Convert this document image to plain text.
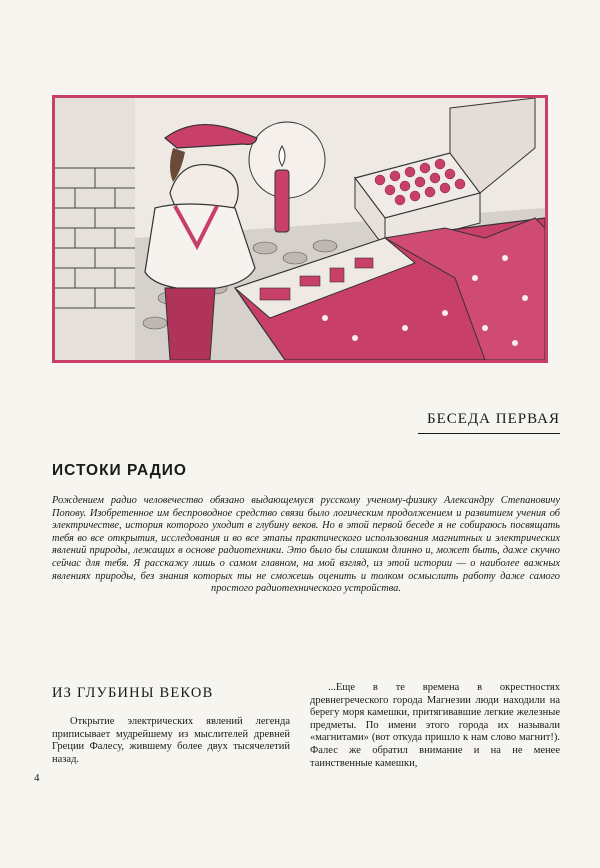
БЕСЕДА ПЕРВАЯ
ИСТОКИ РАДИО
Рождением радио человечество обязано выдающемуся русскому ученому-физику Александру Степановичу Попову. Изобретенное им беспроводное средство связи было логическим продолжением и развитием учения об электричестве, история которого уходит в глубину веков. Но в этой первой беседе я не собираюсь посвящать тебя во все открытия, исследования и во все этапы практического использования магнитных и электрических явлений природы, лежащих в основе радиотехники. Это было бы слишком длинно и, может быть, даже скучно сейчас для тебя. Я расскажу лишь о самом главном, на мой взгляд, из этой истории — о наиболее важных явлениях природы, без знания которых ты не сможешь оценить и толком осмыслить работу даже самого простого радиотехнического устройства.
ИЗ ГЛУБИНЫ ВЕКОВ
Открытие электрических явлений легенда приписывает мудрейшему из мыслителей древней Греции Фалесу, жившему более двух тысячелетий назад.
...Еще в те времена в окрестностях древнегреческого города Магнезии люди находили на берегу моря камешки, притягивавшие легкие железные предметы. По имени этого города их называли «магнитами» (вот откуда пришло к нам слово магнит!). Фалес же обратил внимание и на не менее таинственные камешки,
4
